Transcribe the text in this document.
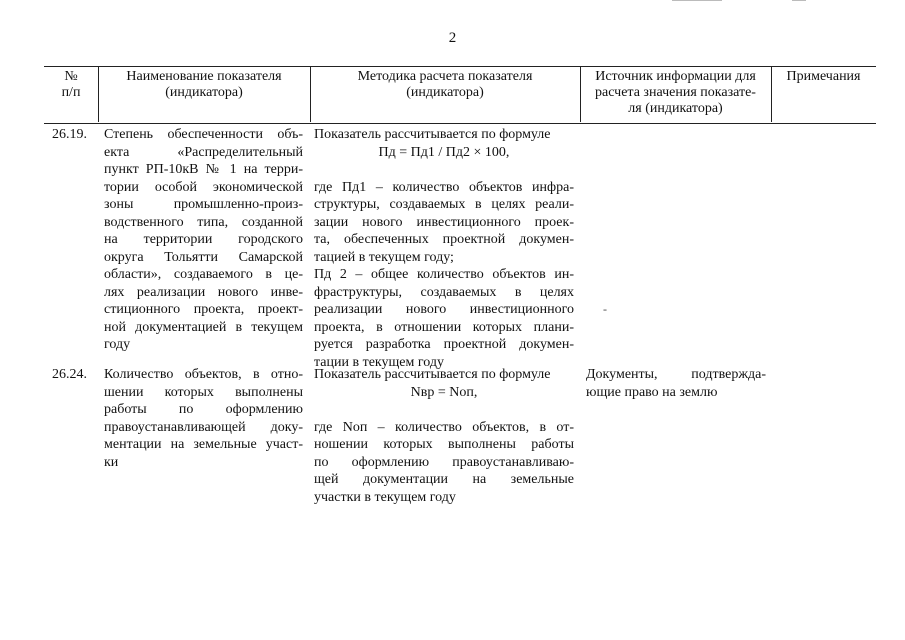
2
№
п/п
Наименование показателя
(индикатора)
Методика расчета показателя
(индикатора)
Источник информации для
расчета значения показате-
ля (индикатора)
Примечания
26.19. Степень обеспеченности объ-
екта «Распределительный
пункт РП-10кВ № 1 на терри-
тории особой экономической
зоны промышленно-произ-
водственного типа, созданной
на территории городского
округа Тольятти Самарской
области», создаваемого в це-
лях реализации нового инве-
стиционного проекта, проект-
ной документацией в текущем
году
Показатель рассчитывается по формуле
Пд = Пд1 / Пд2 × 100,
где Пд1 – количество объектов инфра-
структуры, создаваемых в целях реали-
зации нового инвестиционного проек-
та, обеспеченных проектной докумен-
тацией в текущем году;
Пд 2 – общее количество объектов ин-
фраструктуры, создаваемых в целях
реализации нового инвестиционного
проекта, в отношении которых плани-
руется разработка проектной докумен-
тации в текущем году
-
26.24. Количество объектов, в отно-
шении которых выполнены
работы по оформлению
правоустанавливающей доку-
ментации на земельные участ-
ки
Показатель рассчитывается по формуле
Nвр = Nоп,
где Nоп – количество объектов, в от-
ношении которых выполнены работы
по оформлению правоустанавливаю-
щей документации на земельные
участки в текущем году
Документы, подтвержда-
ющие право на землю
